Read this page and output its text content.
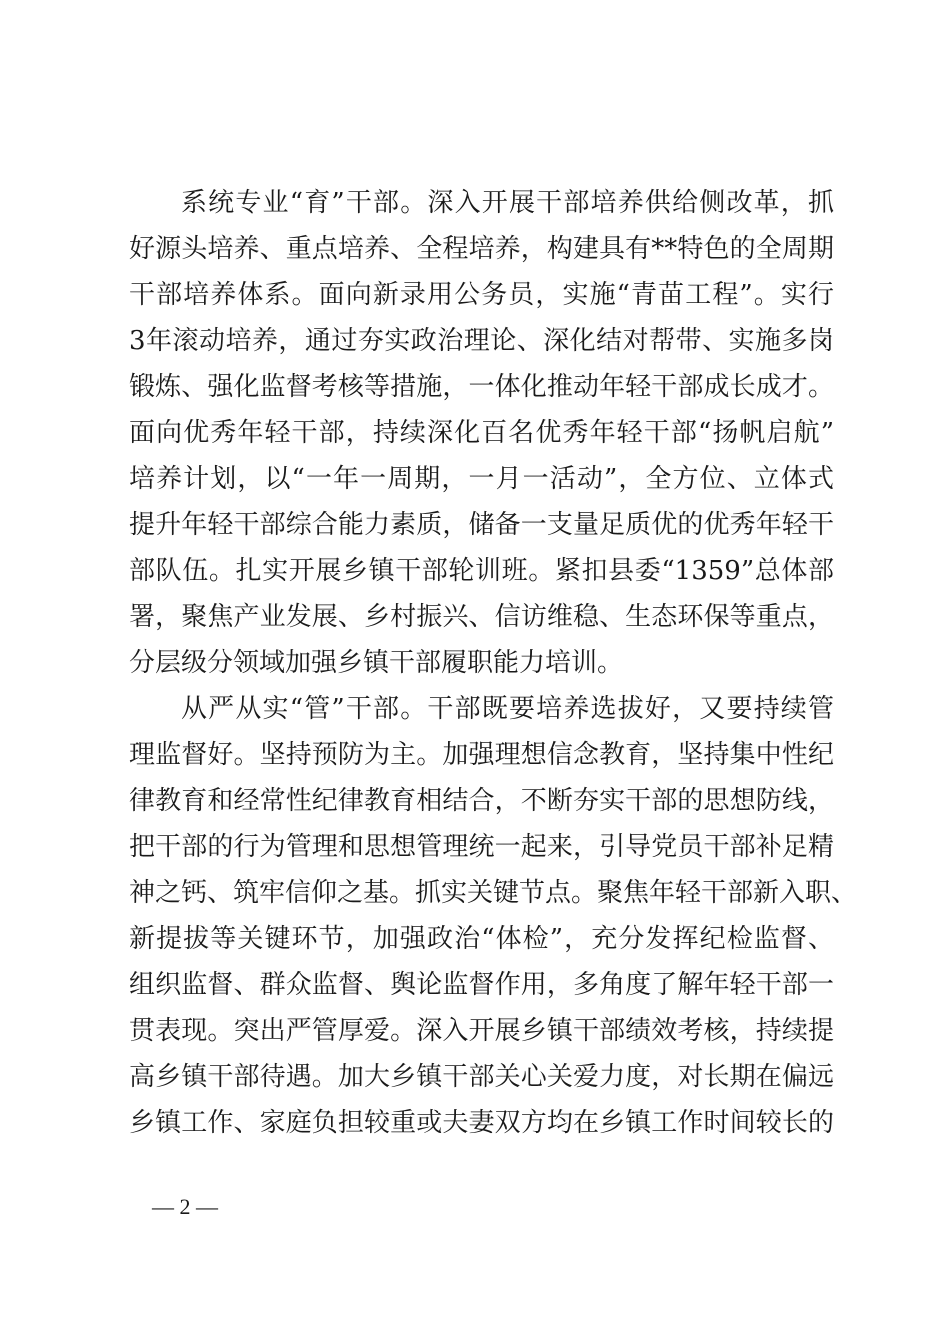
系统专业“育”干部。深入开展干部培养供给侧改革，抓
好源头培养、重点培养、全程培养，构建具有**特色的全周期
干部培养体系。面向新录用公务员，实施“青苗工程”。实行
3年滚动培养，通过夯实政治理论、深化结对帮带、实施多岗
锻炼、强化监督考核等措施，一体化推动年轻干部成长成才。
面向优秀年轻干部，持续深化百名优秀年轻干部“扬帆启航”
培养计划，以“一年一周期，一月一活动”，全方位、立体式
提升年轻干部综合能力素质，储备一支量足质优的优秀年轻干
部队伍。扎实开展乡镇干部轮训班。紧扣县委“1359”总体部
署，聚焦产业发展、乡村振兴、信访维稳、生态环保等重点，
分层级分领域加强乡镇干部履职能力培训。
从严从实“管”干部。干部既要培养选拔好，又要持续管
理监督好。坚持预防为主。加强理想信念教育，坚持集中性纪
律教育和经常性纪律教育相结合，不断夯实干部的思想防线，
把干部的行为管理和思想管理统一起来，引导党员干部补足精
神之钙、筑牢信仰之基。抓实关键节点。聚焦年轻干部新入职、
新提拔等关键环节，加强政治“体检”，充分发挥纪检监督、
组织监督、群众监督、舆论监督作用，多角度了解年轻干部一
贯表现。突出严管厚爱。深入开展乡镇干部绩效考核，持续提
高乡镇干部待遇。加大乡镇干部关心关爱力度，对长期在偏远
乡镇工作、家庭负担较重或夫妻双方均在乡镇工作时间较长的
— 2 —
